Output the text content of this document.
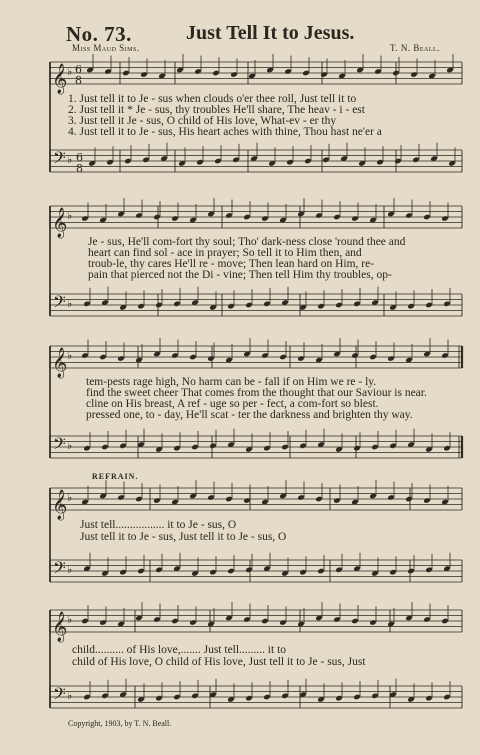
No. 73.	Just Tell It to Jesus.
Miss Maud Sims.	T. N. Beall.
𝄞 ♭
𝄢 ♭
𝄞 ♭
𝄢 ♭
𝄞 ♭
𝄢 ♭
𝄞 ♭
𝄢 ♭
𝄞 ♭
𝄢 ♭
6
8
6
8
1. Just tell it to Je - sus when clouds o'er thee roll, Just tell it to
2. Just tell it * Je - sus, thy troubles He'll share, The heav - i - est
3. Just tell it Je - sus, O child of His love, What-ev - er thy
4. Just tell it to Je - sus, His heart aches with thine, Thou hast ne'er a
Je - sus, He'll com-fort thy soul; Tho' dark-ness close 'round thee and
heart can find sol - ace in prayer; So tell it to Him then, and
troub-le, thy cares He'll re - move; Then lean hard on Him, re-
pain that pierced not the Di - vine; Then tell Him thy troubles, op-
tem-pests rage high, No harm can be - fall if on Him we re - ly.
find the sweet cheer That comes from the thought that our Saviour is near.
cline on His breast, A ref - uge so per - fect, a com-fort so blest.
pressed one, to - day, He'll scat - ter the darkness and brighten thy way.
REFRAIN.
Just tell................. it to Je - sus, O
Just tell it to Je - sus, Just tell it to Je - sus, O
child.......... of His love,....... Just tell......... it to
child of His love, O child of His love, Just tell it to Je - sus, Just
Copyright, 1903, by T. N. Beall.
